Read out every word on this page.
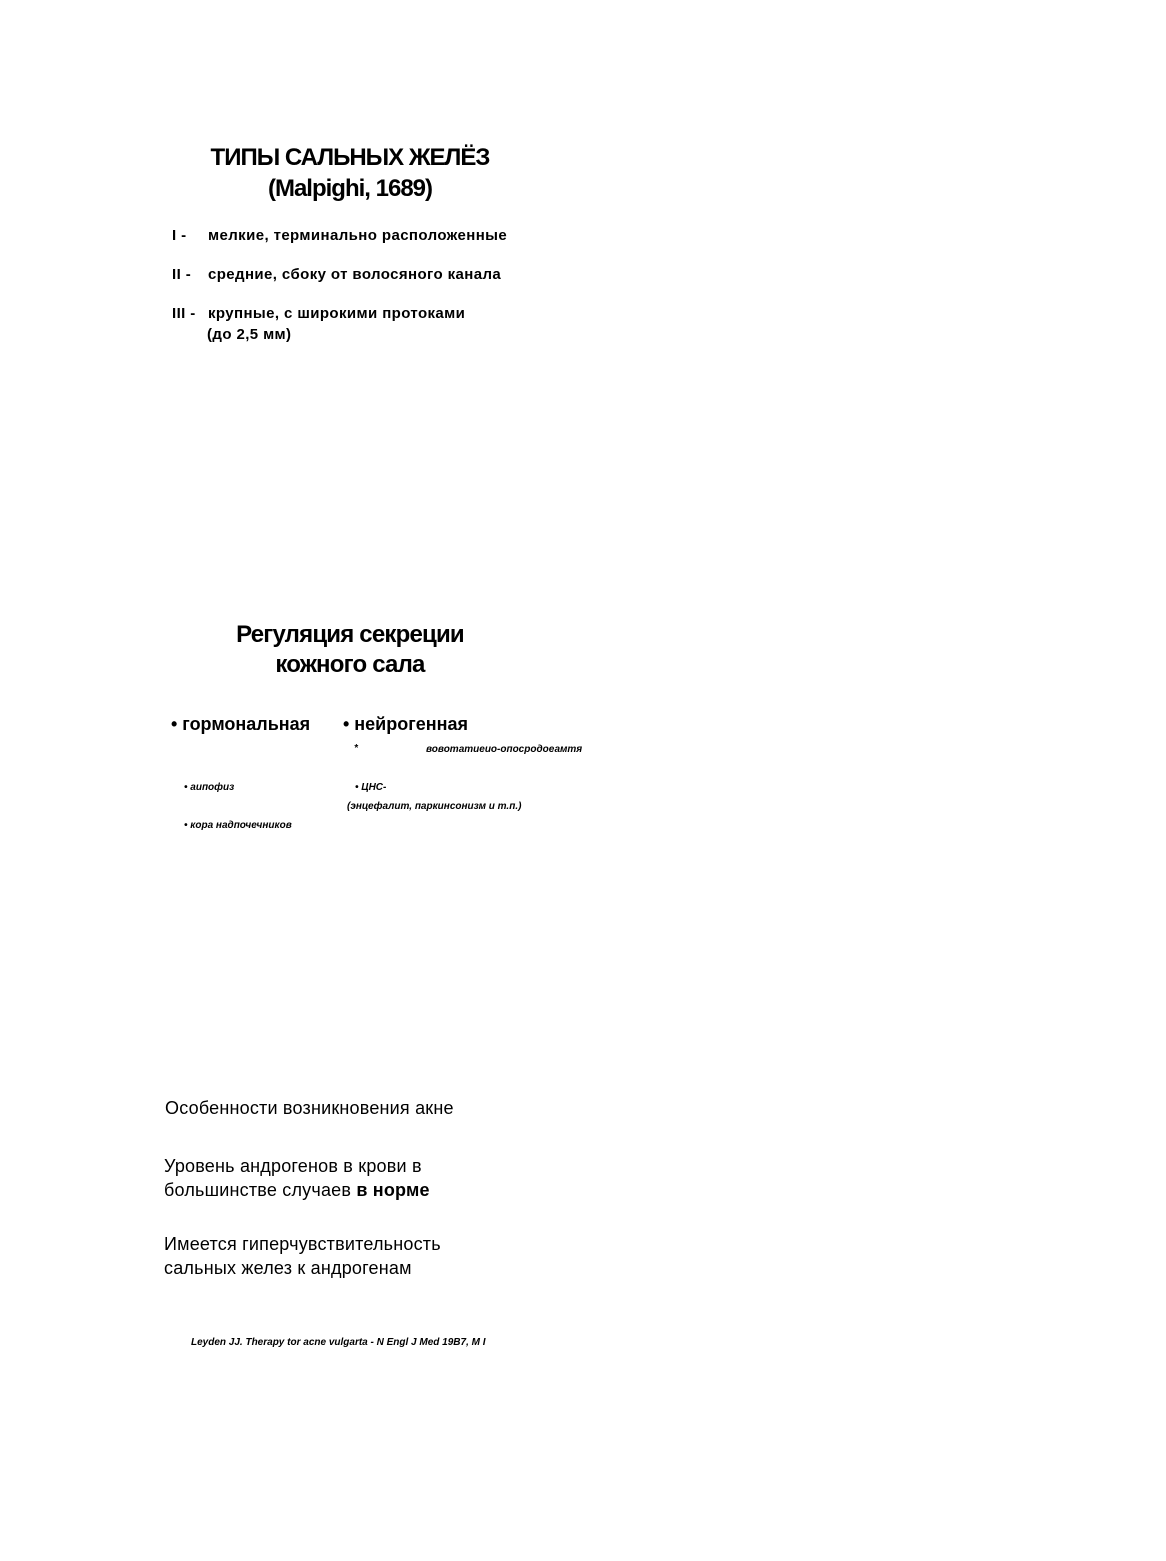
ТИПЫ САЛЬНЫХ ЖЕЛЁЗ
(Malpighi, 1689)
I - мелкие, терминально расположенные
II - средние, сбоку от волосяного канала
III - крупные, с широкими протоками
(до 2,5 мм)
Регуляция секреции
кожного сала
• гормональная • нейрогенная
*	вовотатиеио-опосродоеамтя
• аипофиз	• ЦНС-
(энцефалит, паркинсонизм и т.п.)
• кора надпочечников
Особенности возникновения акне
Уровень андрогенов в крови в
большинстве случаев в норме
Имеется гиперчувствительность
сальных желез к андрогенам
Leyden JJ. Therapy tor acne vulgarta - N Engl J Med 19B7, M I
